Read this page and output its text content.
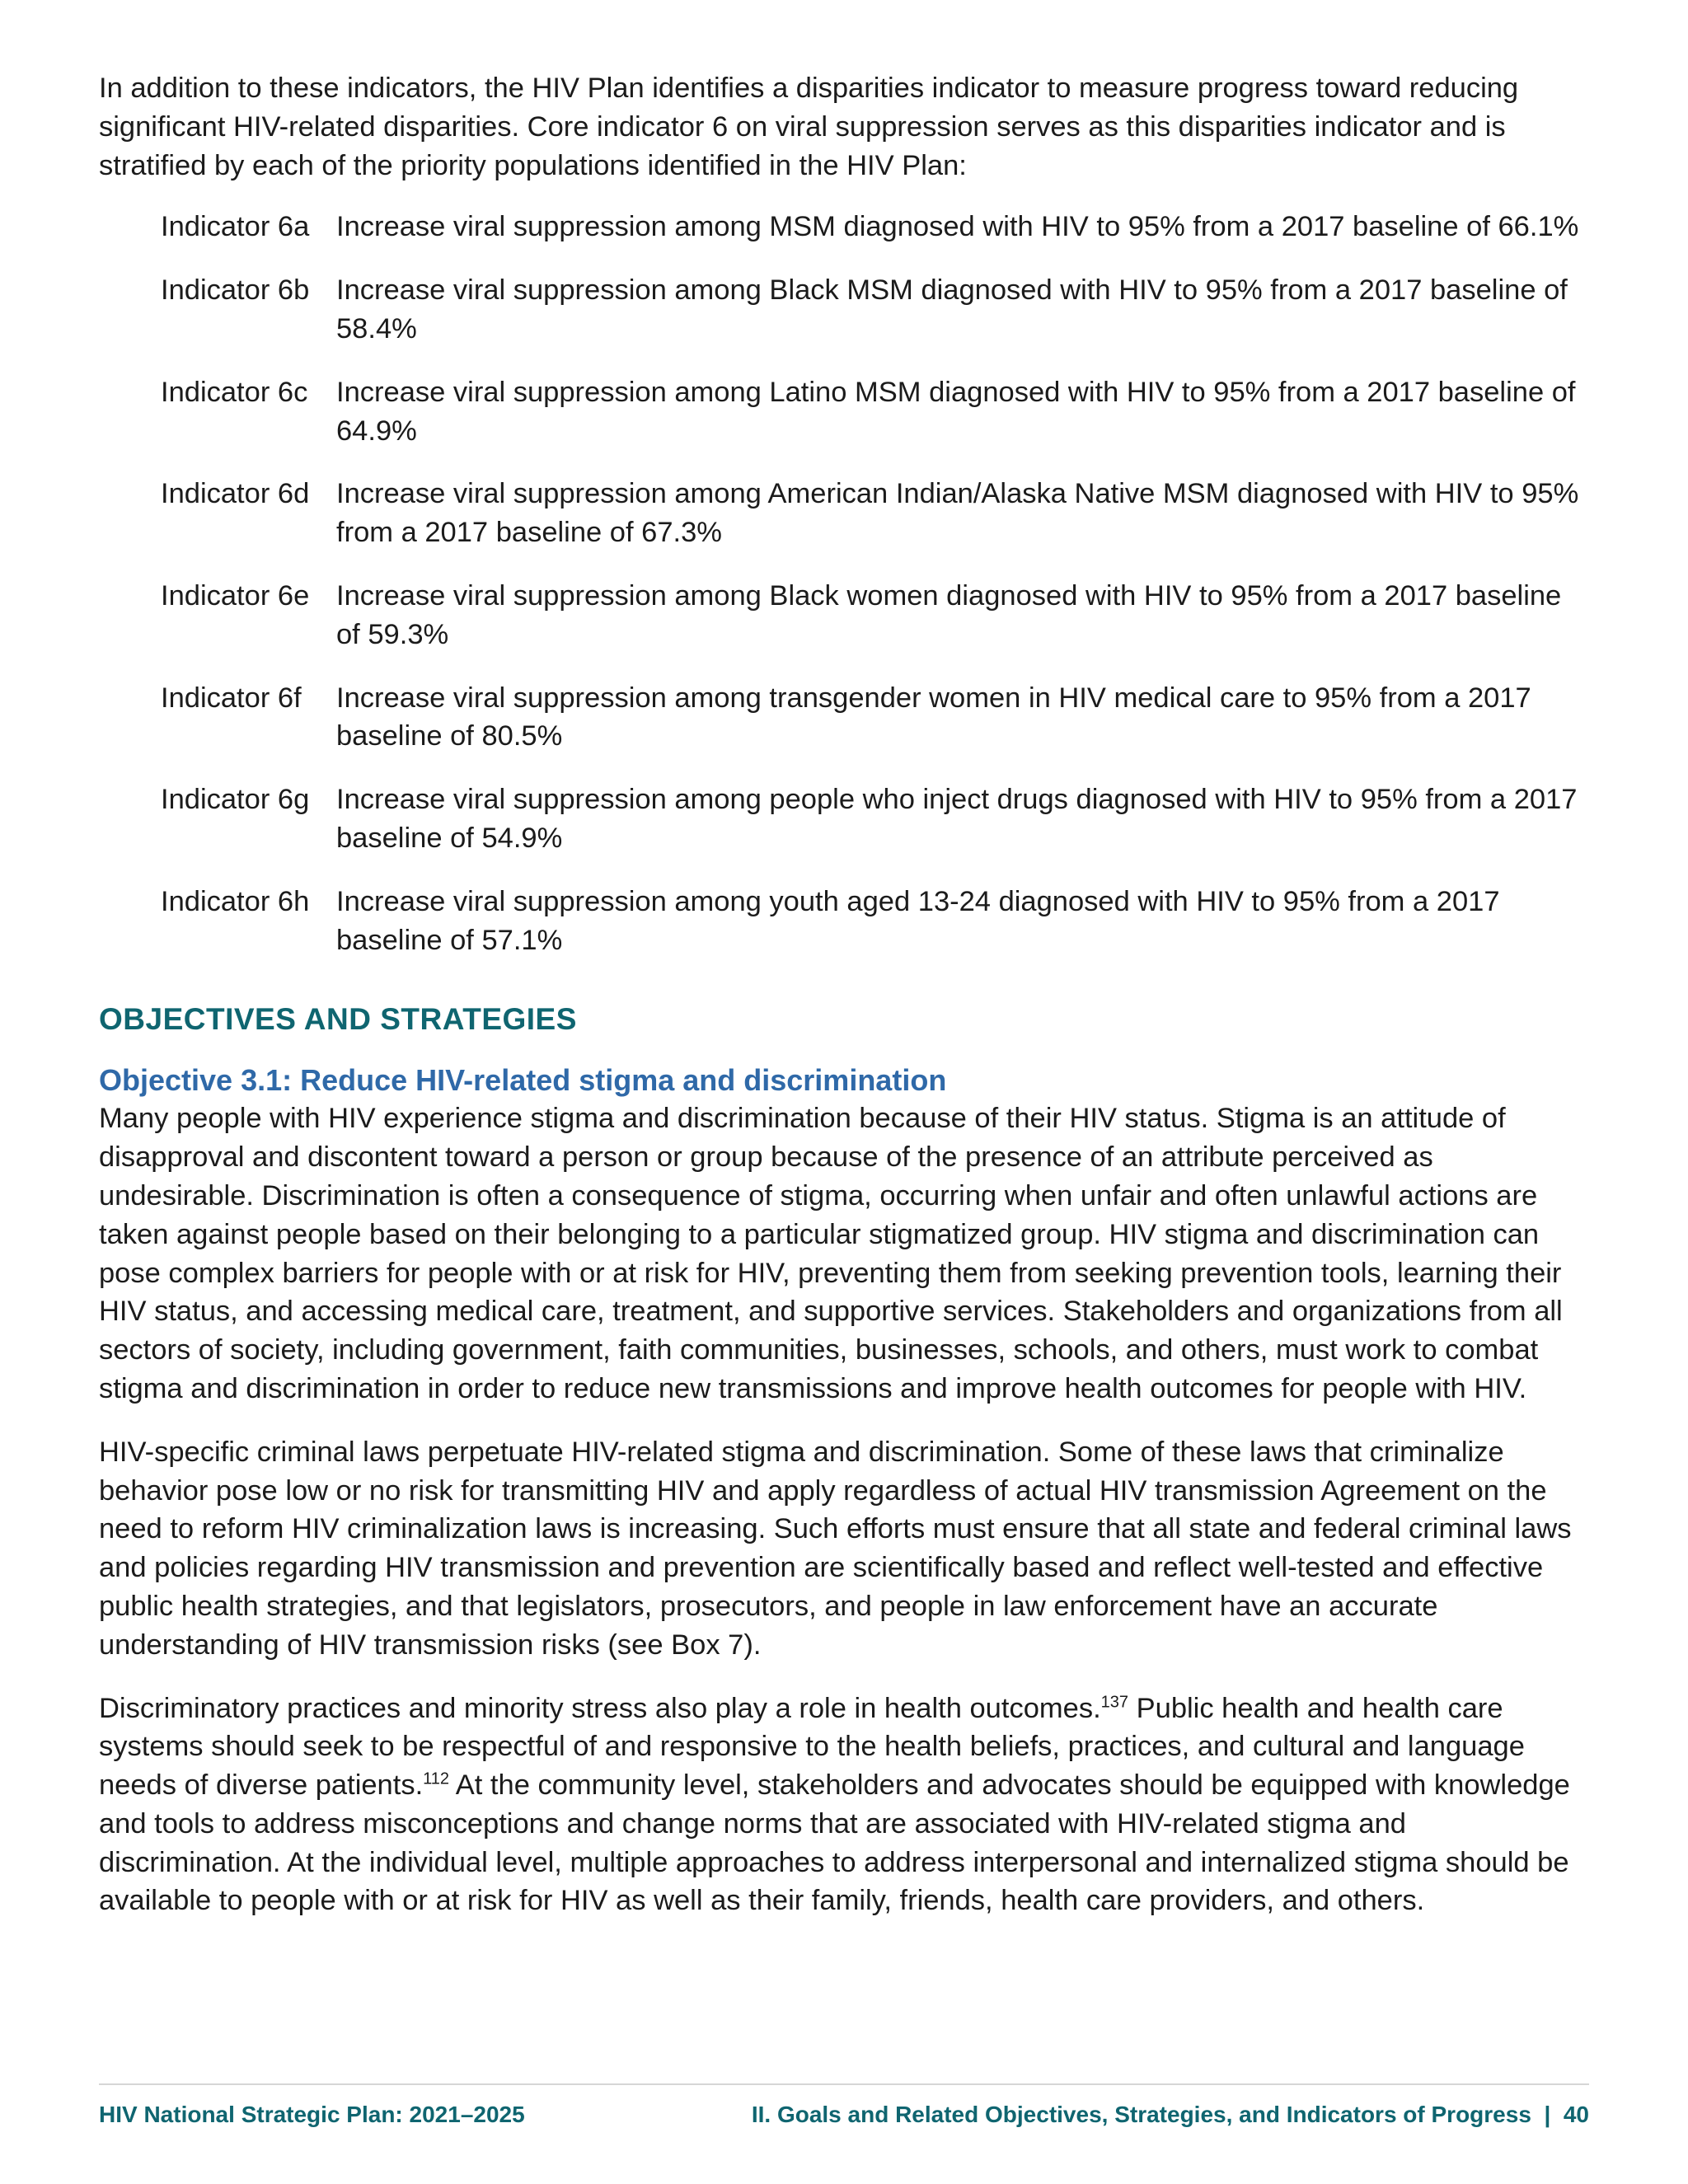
In addition to these indicators, the HIV Plan identifies a disparities indicator to measure progress toward reducing significant HIV-related disparities. Core indicator 6 on viral suppression serves as this disparities indicator and is stratified by each of the priority populations identified in the HIV Plan:

Indicator 6a Increase viral suppression among MSM diagnosed with HIV to 95% from a 2017 baseline of 66.1%
Indicator 6b Increase viral suppression among Black MSM diagnosed with HIV to 95% from a 2017 baseline of 58.4%
Indicator 6c	Increase viral suppression among Latino MSM diagnosed with HIV to 95% from a 2017 baseline of 64.9%
Indicator 6d Increase viral suppression among American Indian/Alaska Native MSM diagnosed with HIV to 95% from a 2017 baseline of 67.3%
Indicator 6e Increase viral suppression among Black women diagnosed with HIV to 95% from a 2017 baseline of 59.3%
Indicator 6f	Increase viral suppression among transgender women in HIV medical care to 95% from a 2017 baseline of 80.5%
Indicator 6g Increase viral suppression among people who inject drugs diagnosed with HIV to 95% from a 2017 baseline of 54.9%
Indicator 6h Increase viral suppression among youth aged 13-24 diagnosed with HIV to 95% from a 2017 baseline of 57.1%
OBJECTIVES AND STRATEGIES
Objective 3.1: Reduce HIV-related stigma and discrimination

Many people with HIV experience stigma and discrimination because of their HIV status. Stigma is an attitude of disapproval and discontent toward a person or group because of the presence of an attribute perceived as undesirable. Discrimination is often a consequence of stigma, occurring when unfair and often unlawful actions are taken against people based on their belonging to a particular stigmatized group. HIV stigma and discrimination can pose complex barriers for people with or at risk for HIV, preventing them from seeking prevention tools, learning their HIV status, and accessing medical care, treatment, and supportive services. Stakeholders and organizations from all sectors of society, including government, faith communities, businesses, schools, and others, must work to combat stigma and discrimination in order to reduce new transmissions and improve health outcomes for people with HIV.

HIV-specific criminal laws perpetuate HIV-related stigma and discrimination. Some of these laws that criminalize behavior pose low or no risk for transmitting HIV and apply regardless of actual HIV transmission Agreement on the need to reform HIV criminalization laws is increasing. Such efforts must ensure that all state and federal criminal laws and policies regarding HIV transmission and prevention are scientifically based and reflect well-tested and effective public health strategies, and that legislators, prosecutors, and people in law enforcement have an accurate understanding of HIV transmission risks (see Box 7).

Discriminatory practices and minority stress also play a role in health outcomes.$^{137}$ Public health and health care systems should seek to be respectful of and responsive to the health beliefs, practices, and cultural and language needs of diverse patients.$^{112}$ At the community level, stakeholders and advocates should be equipped with knowledge and tools to address misconceptions and change norms that are associated with HIV-related stigma and discrimination. At the individual level, multiple approaches to address interpersonal and internalized stigma should be available to people with or at risk for HIV as well as their family, friends, health care providers, and others.

HIV National Strategic Plan: 2021–2025	II. Goals and Related Objectives, Strategies, and Indicators of Progress  |  40
